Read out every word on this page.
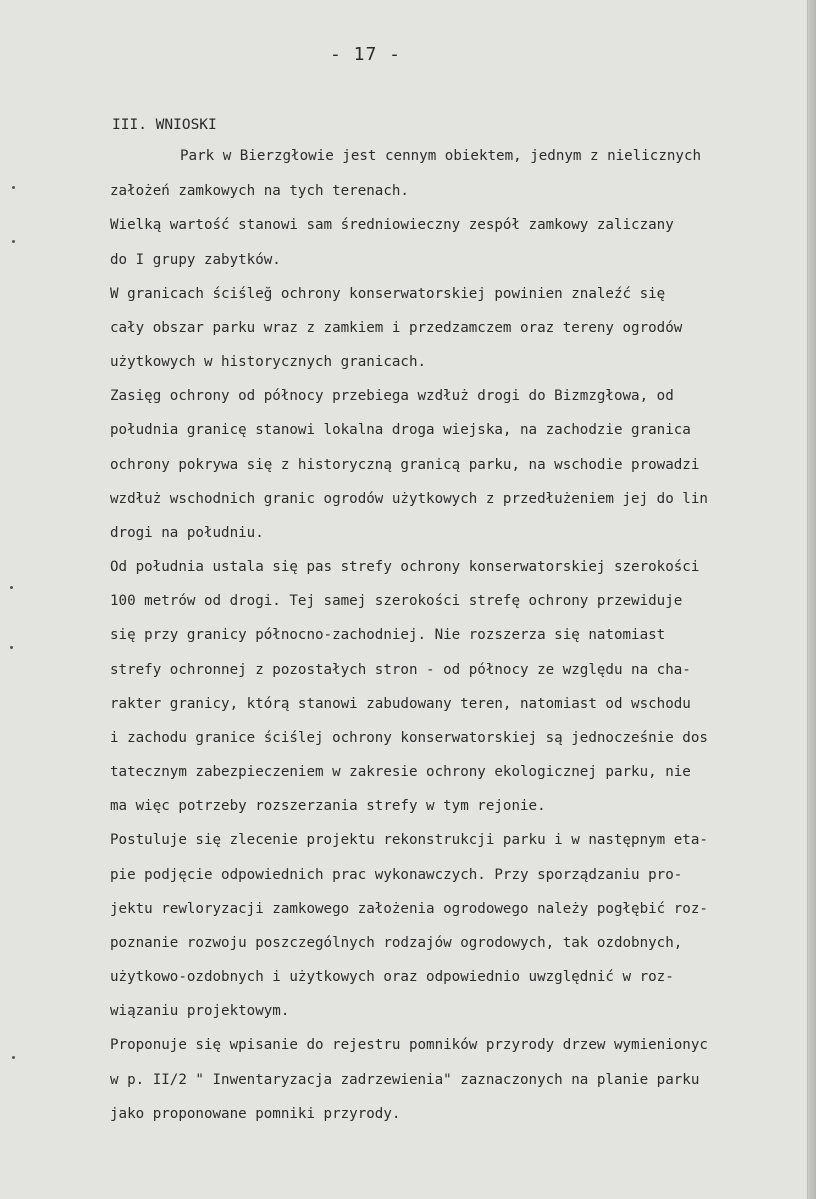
- 17 -
III. WNIOSKI
Park w Bierzgłowie jest cennym obiektem, jednym z nielicznych
założeń zamkowych na tych terenach.
Wielką wartość stanowi sam średniowieczny zespół zamkowy zaliczany
do I grupy zabytków.
W granicach ściśleğ ochrony konserwatorskiej powinien znaleźć się
cały obszar parku wraz z zamkiem i przedzamczem oraz tereny ogrodów
użytkowych w historycznych granicach.
Zasięg ochrony od północy przebiega wzdłuż drogi do Bizmzgłowa, od
południa granicę stanowi lokalna droga wiejska, na zachodzie granica
ochrony pokrywa się z historyczną granicą parku, na wschodie prowadzi
wzdłuż wschodnich granic ogrodów użytkowych z przedłużeniem jej do lin
drogi na południu.
Od południa ustala się pas strefy ochrony konserwatorskiej szerokości
100 metrów od drogi. Tej samej szerokości strefę ochrony przewiduje
się przy granicy północno-zachodniej. Nie rozszerza się natomiast
strefy ochronnej z pozostałych stron - od północy ze względu na cha-
rakter granicy, którą stanowi zabudowany teren, natomiast od wschodu
i zachodu granice ściślej ochrony konserwatorskiej są jednocześnie dos
tatecznym zabezpieczeniem w zakresie ochrony ekologicznej parku, nie
ma więc potrzeby rozszerzania strefy w tym rejonie.
Postuluje się zlecenie projektu rekonstrukcji parku i w następnym eta-
pie podjęcie odpowiednich prac wykonawczych. Przy sporządzaniu pro-
jektu rewloryzacji zamkowego założenia ogrodowego należy pogłębić roz-
poznanie rozwoju poszczególnych rodzajów ogrodowych, tak ozdobnych,
użytkowo-ozdobnych i użytkowych oraz odpowiednio uwzględnić w roz-
wiązaniu projektowym.
Proponuje się wpisanie do rejestru pomników przyrody drzew wymienionyc
w p. II/2 " Inwentaryzacja zadrzewienia" zaznaczonych na planie parku
jako proponowane pomniki przyrody.
